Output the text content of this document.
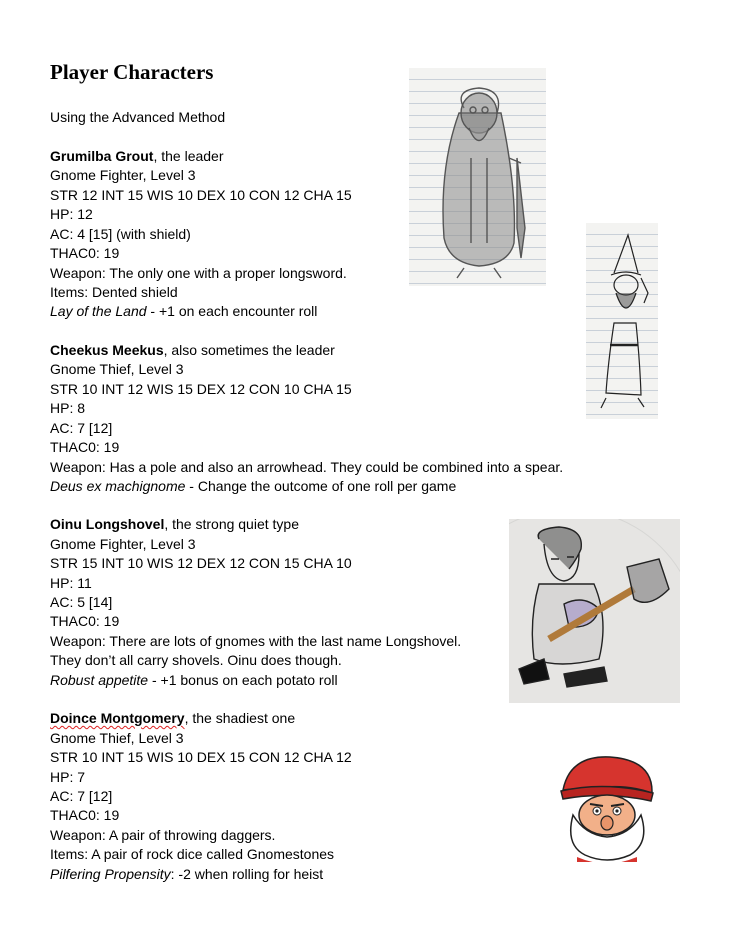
Player Characters
Using the Advanced Method
Grumilba Grout, the leader
Gnome Fighter, Level 3
STR 12 INT 15 WIS 10 DEX 10 CON 12 CHA 15
HP: 12
AC: 4 [15] (with shield)
THAC0: 19
Weapon: The only one with a proper longsword.
Items: Dented shield
Lay of the Land - +1 on each encounter roll
Cheekus Meekus, also sometimes the leader
Gnome Thief, Level 3
STR 10 INT 12 WIS 15 DEX 12 CON 10 CHA 15
HP: 8
AC: 7 [12]
THAC0: 19
Weapon: Has a pole and also an arrowhead. They could be combined into a spear.
Deus ex machignome - Change the outcome of one roll per game
Oinu Longshovel, the strong quiet type
Gnome Fighter, Level 3
STR 15 INT 10 WIS 12 DEX 12 CON 15 CHA 10
HP: 11
AC: 5 [14]
THAC0: 19
Weapon: There are lots of gnomes with the last name Longshovel.
They don’t all carry shovels. Oinu does though.
Robust appetite - +1 bonus on each potato roll
Doince Montgomery, the shadiest one
Gnome Thief, Level 3
STR 10 INT 15 WIS 10 DEX 15 CON 12 CHA 12
HP: 7
AC: 7 [12]
THAC0: 19
Weapon: A pair of throwing daggers.
Items: A pair of rock dice called Gnomestones
Pilfering Propensity: -2 when rolling for heist
